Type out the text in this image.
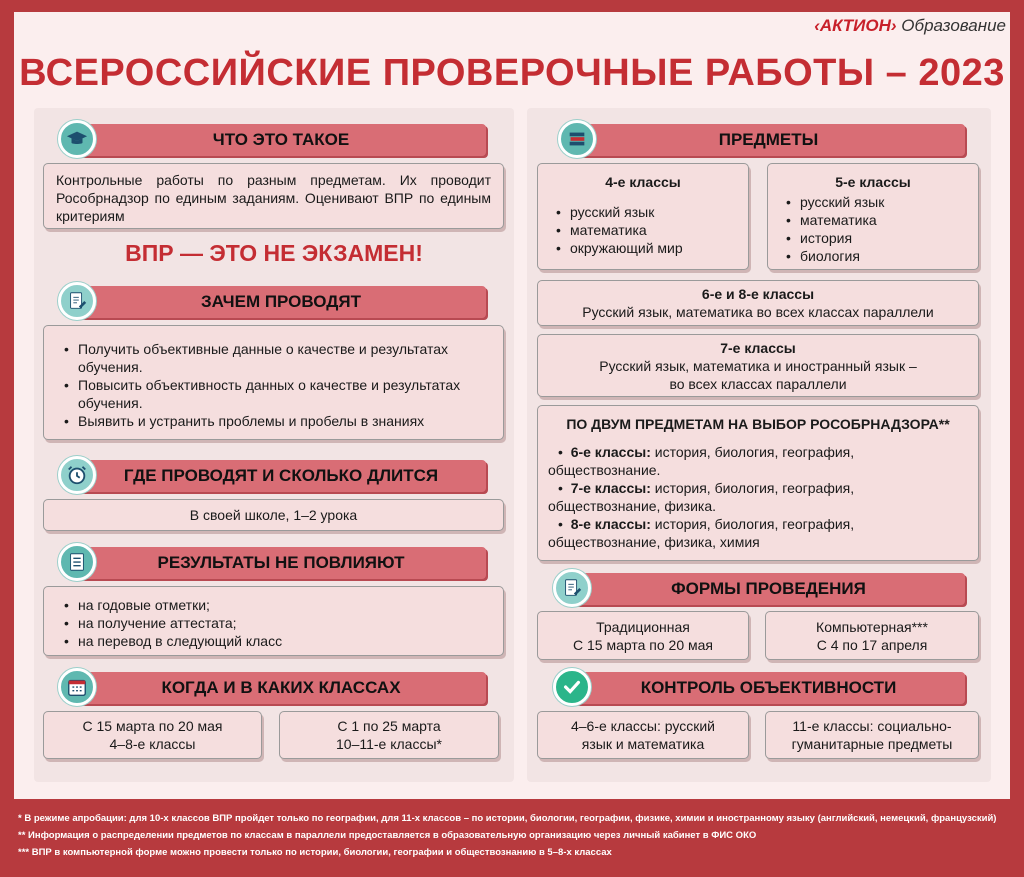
‹АКТИОН› Образование
ВСЕРОССИЙСКИЕ ПРОВЕРОЧНЫЕ РАБОТЫ – 2023
ЧТО ЭТО ТАКОЕ
Контрольные работы по разным предметам. Их проводит Рособрнадзор по единым заданиям. Оценивают ВПР по единым критериям
ВПР — ЭТО НЕ ЭКЗАМЕН!
ЗАЧЕМ ПРОВОДЯТ
• Получить объективные данные о качестве и результатах обучения.
• Повысить объективность данных о качестве и результатах обучения.
• Выявить и устранить проблемы и пробелы в знаниях
ГДЕ ПРОВОДЯТ И СКОЛЬКО ДЛИТСЯ
В своей школе, 1–2 урока
РЕЗУЛЬТАТЫ НЕ ПОВЛИЯЮТ
• на годовые отметки;
• на получение аттестата;
• на перевод в следующий класс
КОГДА И В КАКИХ КЛАССАХ
С 15 марта по 20 мая
4–8-е классы
С 1 по 25 марта
10–11-е классы*
ПРЕДМЕТЫ
4-е классы
• русский язык
• математика
• окружающий мир
5-е классы
• русский язык
• математика
• история
• биология
6-е и 8-е классы
Русский язык, математика во всех классах параллели
7-е классы
Русский язык, математика и иностранный язык –
во всех классах параллели
ПО ДВУМ ПРЕДМЕТАМ НА ВЫБОР РОСОБРНАДЗОРА**
•  6-е классы: история, биология, география,
обществознание.
•  7-е классы: история, биология, география,
обществознание, физика.
•  8-е классы: история, биология, география,
обществознание, физика, химия
ФОРМЫ ПРОВЕДЕНИЯ
Традиционная
С 15 марта по 20 мая
Компьютерная***
С 4 по 17 апреля
КОНТРОЛЬ ОБЪЕКТИВНОСТИ
4–6-е классы: русский
язык и математика
11-е классы: социально-
гуманитарные предметы

* В режиме апробации: для 10-х классов ВПР пройдет только по географии, для 11-х классов – по истории, биологии, географии, физике, химии и иностранному языку (английский, немецкий, французский)

** Информация о распределении предметов по классам в параллели предоставляется в образовательную организацию через личный кабинет в ФИС ОКО

*** ВПР в компьютерной форме можно провести только по истории, биологии, географии и обществознанию в 5–8-х классах
